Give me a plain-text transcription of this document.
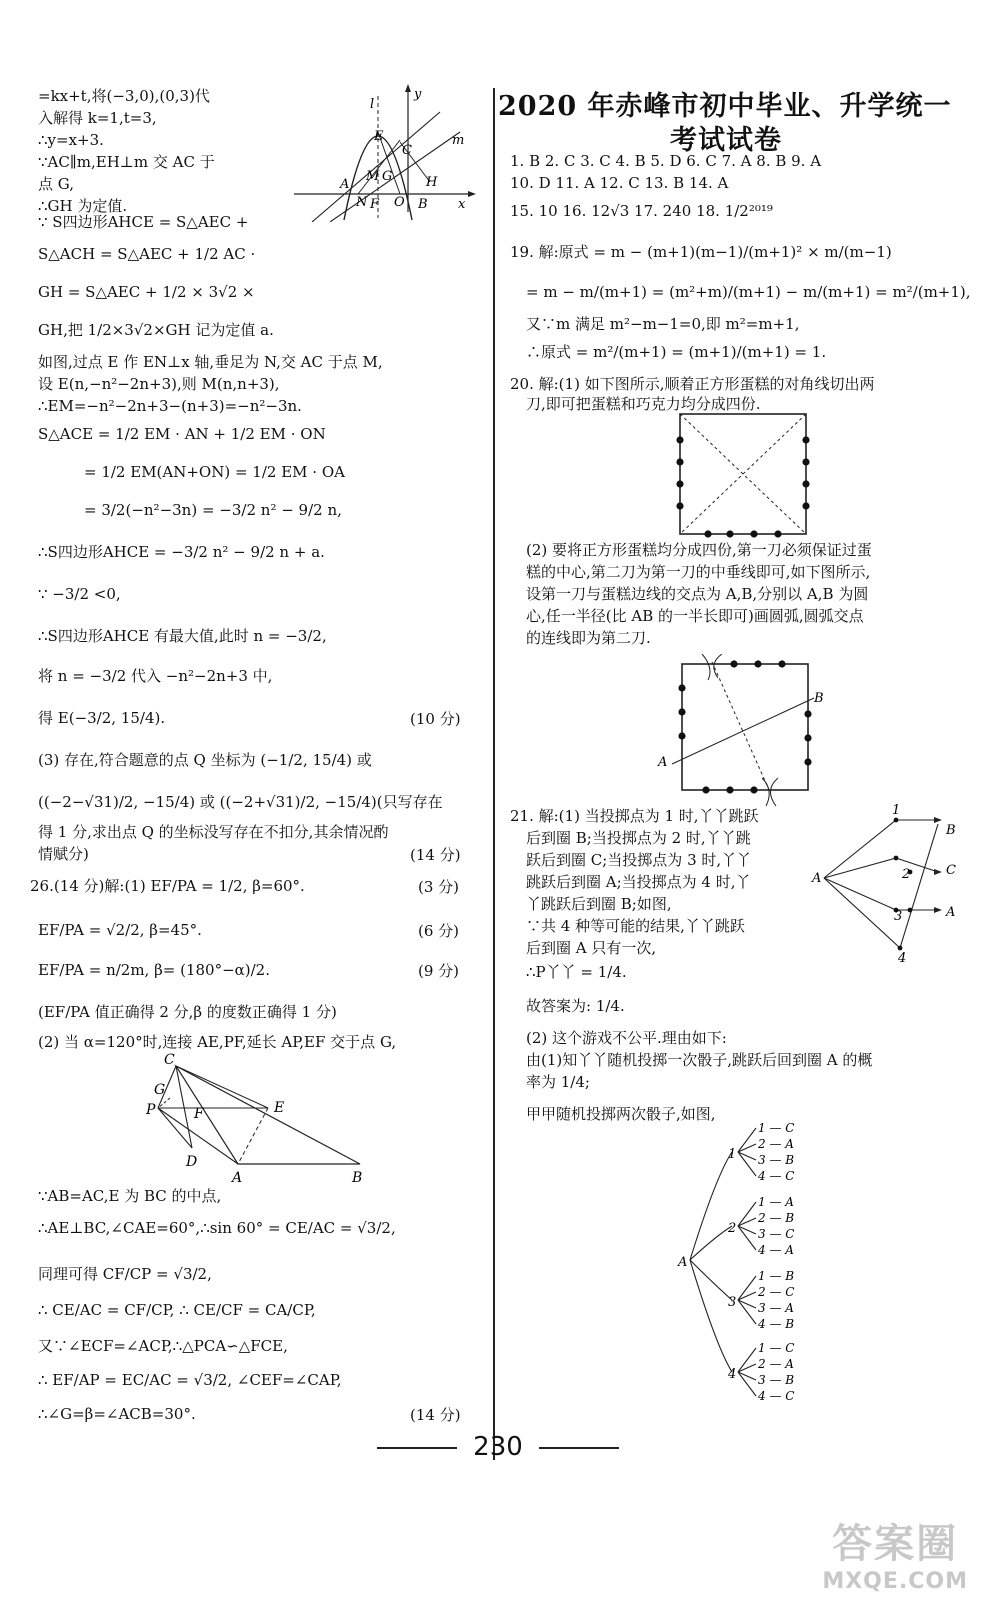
=kx+t,将(−3,0),(0,3)代
入解得 k=1,t=3,
∴y=x+3.
∵AC∥m,EH⊥m 交 AC 于
点 G,
∴GH 为定值.
∵ S四边形AHCE = S△AEC +
S△ACH = S△AEC + 1/2 AC ·
GH = S△AEC + 1/2 × 3√2 ×
GH,把 1/2×3√2×GH 记为定值 a.
如图,过点 E 作 EN⊥x 轴,垂足为 N,交 AC 于点 M,
设 E(n,−n²−2n+3),则 M(n,n+3),
∴EM=−n²−2n+3−(n+3)=−n²−3n.
S△ACE = 1/2 EM · AN + 1/2 EM · ON
= 1/2 EM(AN+ON) = 1/2 EM · OA
= 3/2(−n²−3n) = −3/2 n² − 9/2 n,
∴S四边形AHCE = −3/2 n² − 9/2 n + a.
∵ −3/2 <0,
∴S四边形AHCE 有最大值,此时 n = −3/2,
将 n = −3/2 代入 −n²−2n+3 中,
得 E(−3/2, 15/4).	(10 分)
(3) 存在,符合题意的点 Q 坐标为 (−1/2, 15/4) 或
((−2−√31)/2, −15/4) 或 ((−2+√31)/2, −15/4)(只写存在
得 1 分,求出点 Q 的坐标没写存在不扣分,其余情况酌
情赋分)	(14 分)
26.(14 分)解:(1) EF/PA = 1/2, β=60°.	(3 分)
EF/PA = √2/2, β=45°.	(6 分)
EF/PA = n/2m, β= (180°−α)/2.	(9 分)
(EF/PA 值正确得 2 分,β 的度数正确得 1 分)
(2) 当 α=120°时,连接 AE,PF,延长 AP,EF 交于点 G,
∵AB=AC,E 为 BC 的中点,
∴AE⊥BC,∠CAE=60°,∴sin 60° = CE/AC = √3/2,
同理可得 CF/CP = √3/2,
∴ CE/AC = CF/CP, ∴ CE/CF = CA/CP,
又∵∠ECF=∠ACP,∴△PCA∽△FCE,
∴ EF/AP = EC/AC = √3/2, ∠CEF=∠CAP,
∴∠G=β=∠ACB=30°.	(14 分)
l
y
m
C
E
G
A
M
N F O B
H
x
C
G
P	F	E
D
A	B
2020 年赤峰市初中毕业、升学统一
考试试卷
1. B 2. C 3. C 4. B 5. D 6. C 7. A 8. B 9. A
10. D 11. A 12. C 13. B 14. A
15. 10 16. 12√3 17. 240 18. 1/2²⁰¹⁹
19. 解:原式 = m − (m+1)(m−1)/(m+1)² × m/(m−1)
= m − m/(m+1) = (m²+m)/(m+1) − m/(m+1) = m²/(m+1),
又∵m 满足 m²−m−1=0,即 m²=m+1,
∴原式 = m²/(m+1) = (m+1)/(m+1) = 1.
20. 解:(1) 如下图所示,顺着正方形蛋糕的对角线切出两
刀,即可把蛋糕和巧克力均分成四份.
(2) 要将正方形蛋糕均分成四份,第一刀必须保证过蛋
糕的中心,第二刀为第一刀的中垂线即可,如下图所示,
设第一刀与蛋糕边线的交点为 A,B,分别以 A,B 为圆
心,任一半径(比 AB 的一半长即可)画圆弧,圆弧交点
的连线即为第二刀.
21. 解:(1) 当投掷点为 1 时,丫丫跳跃
后到圈 B;当投掷点为 2 时,丫丫跳
跃后到圈 C;当投掷点为 3 时,丫丫
跳跃后到圈 A;当投掷点为 4 时,丫
丫跳跃后到圈 B;如图,
∵共 4 种等可能的结果,丫丫跳跃
后到圈 A 只有一次,
∴P丫丫 = 1/4.
故答案为: 1/4.
(2) 这个游戏不公平.理由如下:
由(1)知丫丫随机投掷一次骰子,跳跃后回到圈 A 的概
率为 1/4;
甲甲随机投掷两次骰子,如图,
A
B
A
1
B
2	C
3	A
4
A
1
2
3
4
1 — C
2 — A
3 — B
4 — C
1 — A
2 — B
3 — C
4 — A
1 — B
2 — C
3 — A
4 — B
1 — C
2 — A
3 — B
4 — C
230
答案圈
MXQE.COM
